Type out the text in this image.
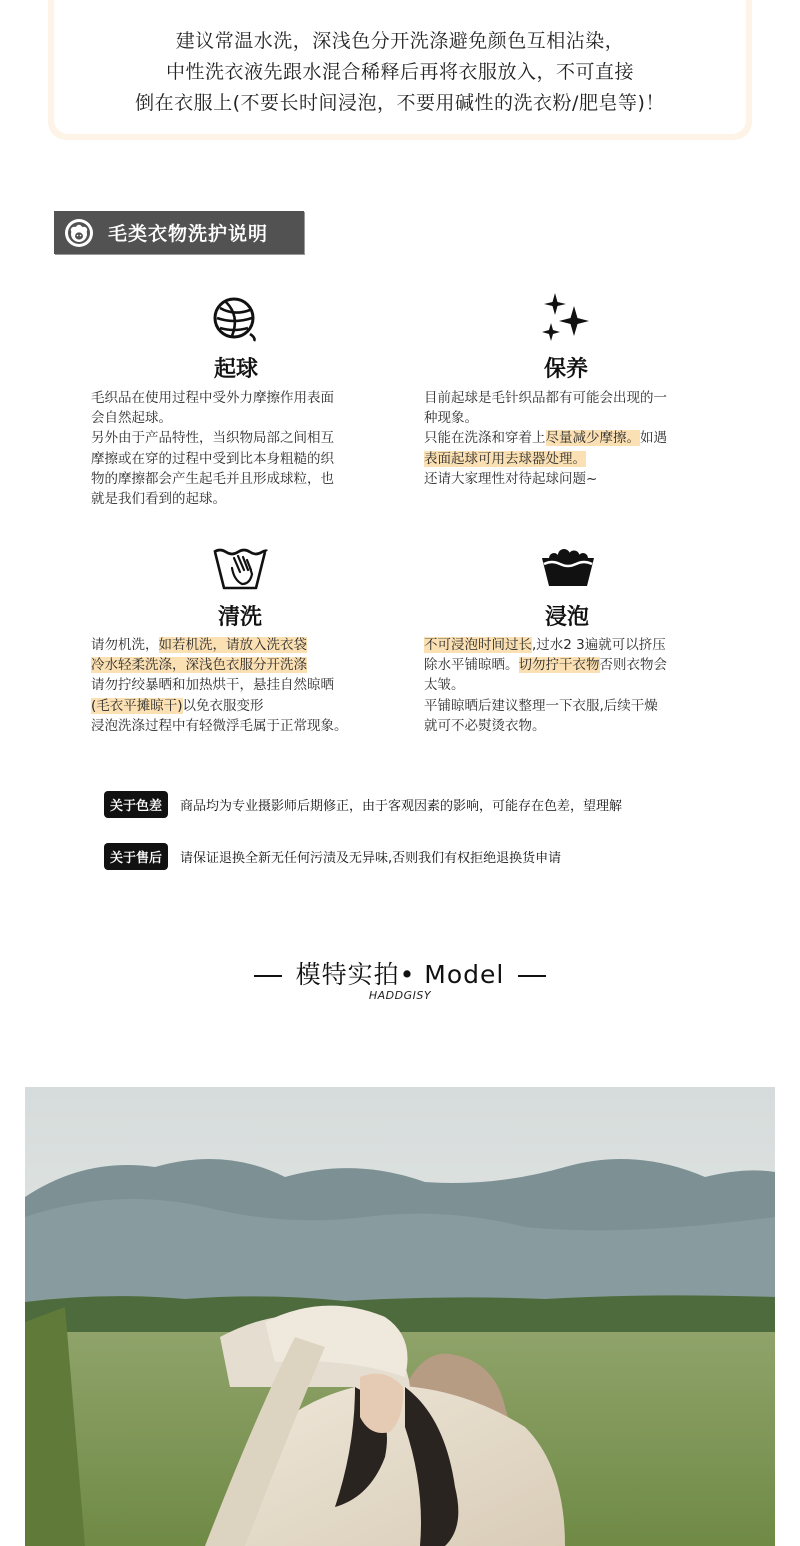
建议常温水洗，深浅色分开洗涤避免颜色互相沾染，
中性洗衣液先跟水混合稀释后再将衣服放入，不可直接
倒在衣服上(不要长时间浸泡，不要用碱性的洗衣粉/肥皂等)！
毛类衣物洗护说明
起球
毛织品在使用过程中受外力摩擦作用表面
会自然起球。
另外由于产品特性，当织物局部之间相互
摩擦或在穿的过程中受到比本身粗糙的织
物的摩擦都会产生起毛并且形成球粒，也
就是我们看到的起球。
保养
目前起球是毛针织品都有可能会出现的一
种现象。
只能在洗涤和穿着上尽量减少摩擦。如遇
表面起球可用去球器处理。
还请大家理性对待起球问题~
清洗
请勿机洗，如若机洗，请放入洗衣袋
冷水轻柔洗涤，深浅色衣服分开洗涤
请勿拧绞暴晒和加热烘干，悬挂自然晾晒
(毛衣平摊晾干)以免衣服变形
浸泡洗涤过程中有轻微浮毛属于正常现象。
浸泡
不可浸泡时间过长,过水2 3遍就可以挤压
除水平铺晾晒。切勿拧干衣物否则衣物会
太皱。
平铺晾晒后建议整理一下衣服,后续干燥
就可不必熨烫衣物。
关于色差	商品均为专业摄影师后期修正，由于客观因素的影响，可能存在色差，望理解
关于售后	请保证退换全新无任何污渍及无异味,否则我们有权拒绝退换货申请
模特实拍• Model
HADDGISY
